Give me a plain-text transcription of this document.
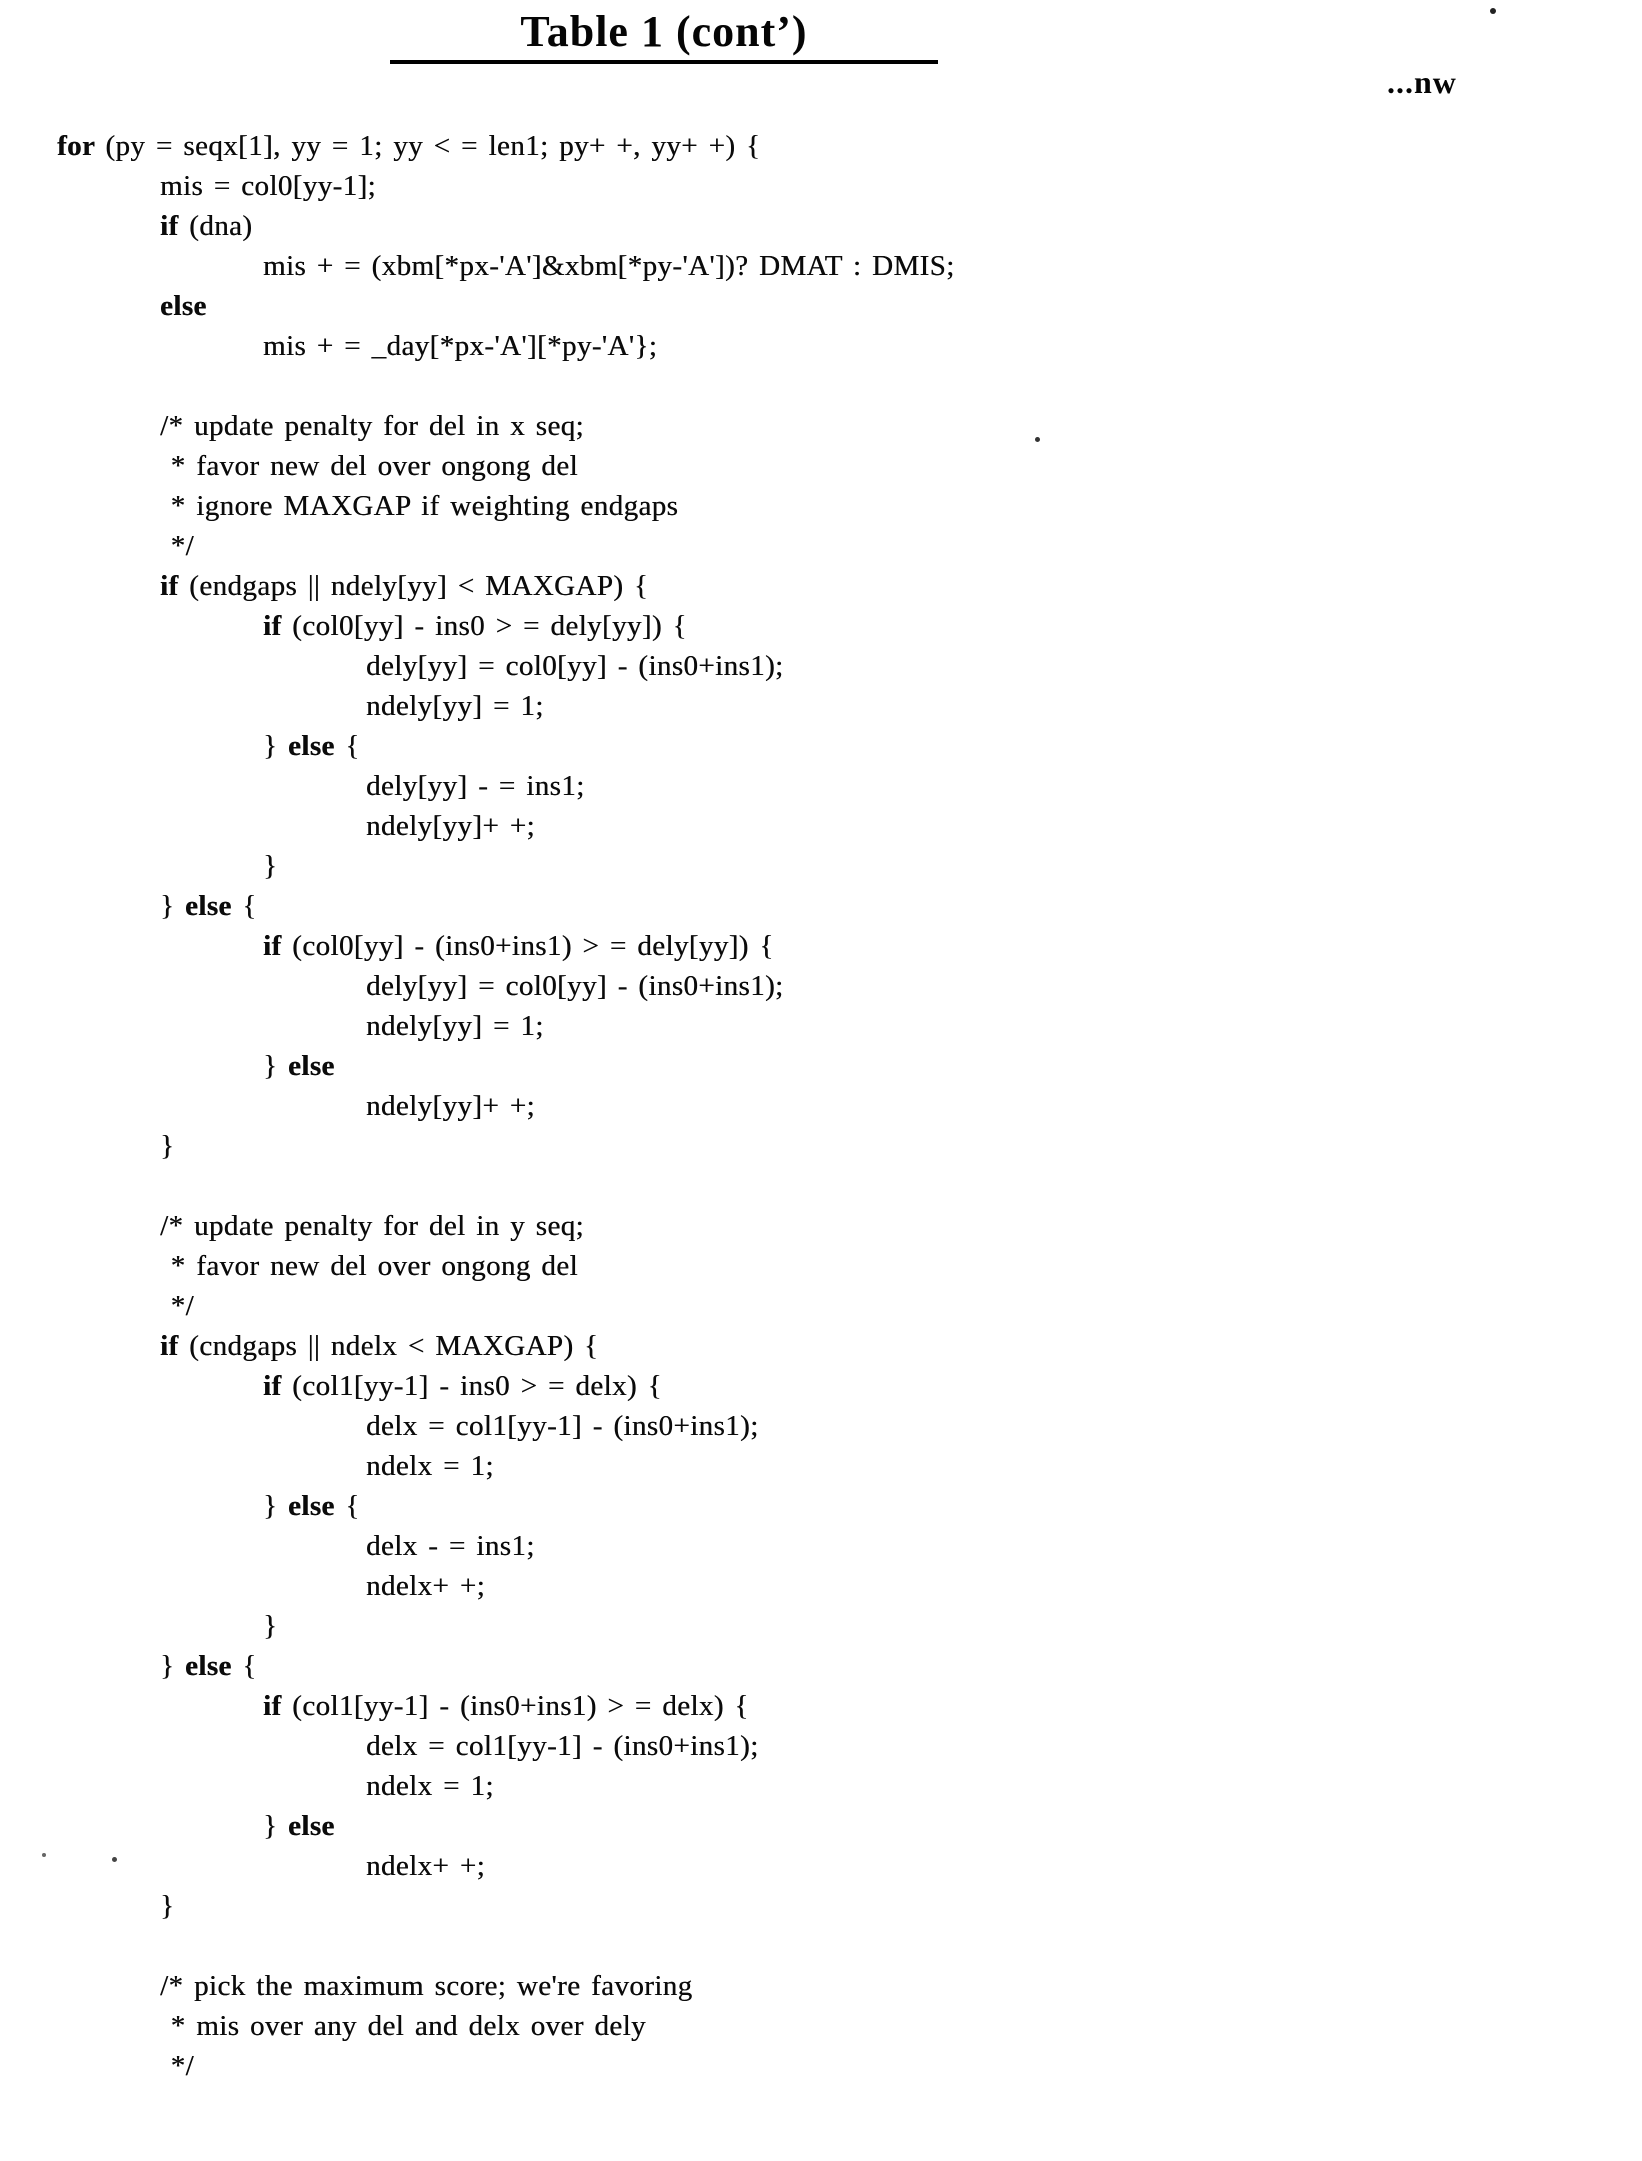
Table 1 (cont’)
...nw
for (py = seqx[1], yy = 1; yy < = len1; py+ +, yy+ +) {
mis = col0[yy-1];
if (dna)
mis + = (xbm[*px-'A']&xbm[*py-'A'])? DMAT : DMIS;
else
mis + = _day[*px-'A'][*py-'A'};
/* update penalty for del in x seq;
* favor new del over ongong del
* ignore MAXGAP if weighting endgaps
*/
if (endgaps || ndely[yy] < MAXGAP) {
if (col0[yy] - ins0 > = dely[yy]) {
dely[yy] = col0[yy] - (ins0+ins1);
ndely[yy] = 1;
} else {
dely[yy] - = ins1;
ndely[yy]+ +;
}
} else {
if (col0[yy] - (ins0+ins1) > = dely[yy]) {
dely[yy] = col0[yy] - (ins0+ins1);
ndely[yy] = 1;
} else
ndely[yy]+ +;
}
/* update penalty for del in y seq;
* favor new del over ongong del
*/
if (cndgaps || ndelx < MAXGAP) {
if (col1[yy-1] - ins0 > = delx) {
delx = col1[yy-1] - (ins0+ins1);
ndelx = 1;
} else {
delx - = ins1;
ndelx+ +;
}
} else {
if (col1[yy-1] - (ins0+ins1) > = delx) {
delx = col1[yy-1] - (ins0+ins1);
ndelx = 1;
} else
ndelx+ +;
}
/* pick the maximum score; we're favoring
* mis over any del and delx over dely
*/
